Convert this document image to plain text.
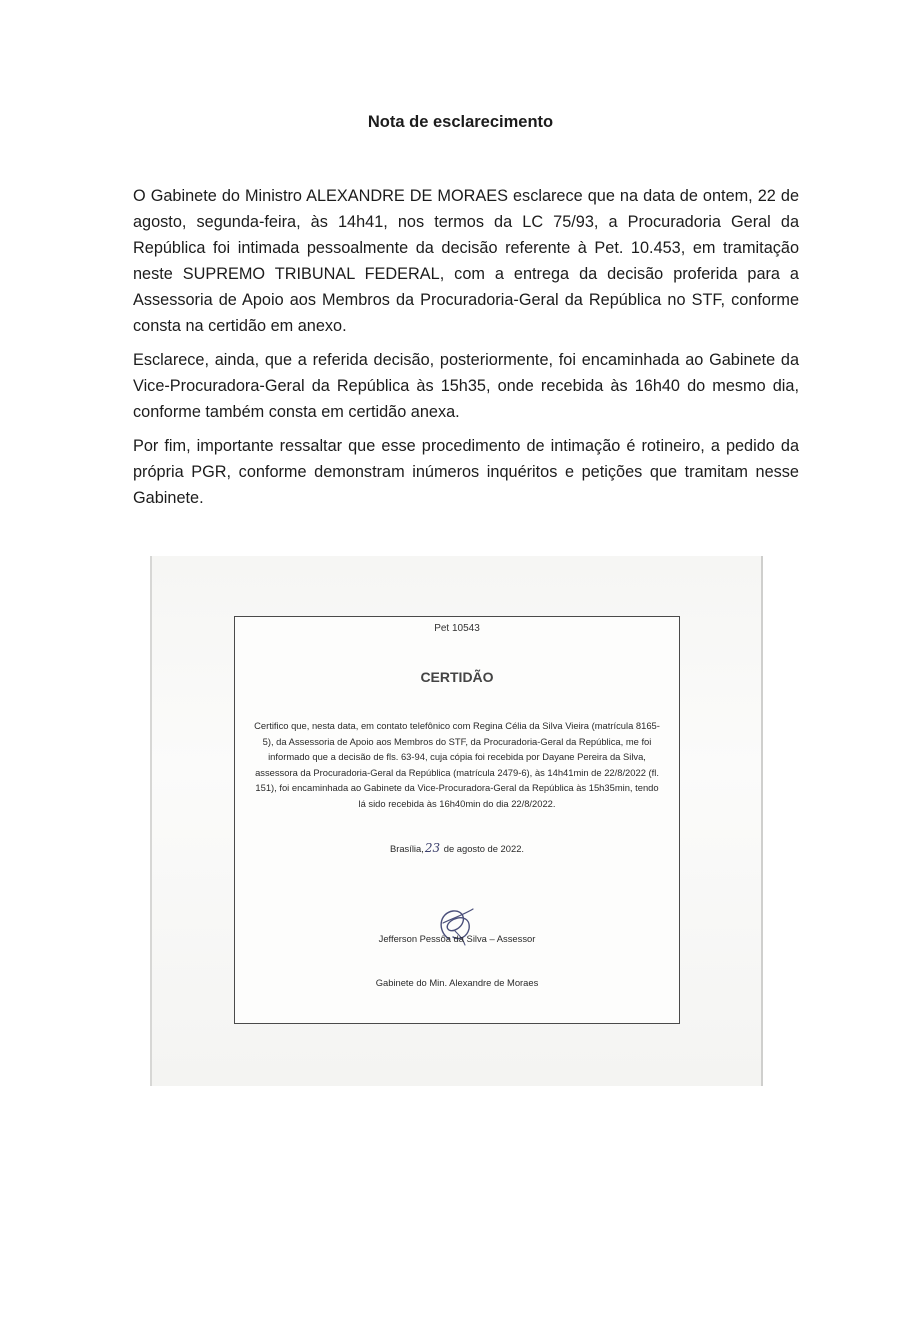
Nota de esclarecimento

O Gabinete do Ministro ALEXANDRE DE MORAES esclarece que na data de ontem, 22 de agosto, segunda-feira, às 14h41, nos termos da LC 75/93, a Procuradoria Geral da República foi intimada pessoalmente da decisão referente à Pet. 10.453, em tramitação neste SUPREMO TRIBUNAL FEDERAL, com a entrega da decisão proferida para a Assessoria de Apoio aos Membros da Procuradoria-Geral da República no STF, conforme consta na certidão em anexo.

Esclarece, ainda, que a referida decisão, posteriormente, foi encaminhada ao Gabinete da Vice-Procuradora-Geral da República às 15h35, onde recebida às 16h40 do mesmo dia, conforme também consta em certidão anexa.

Por fim, importante ressaltar que esse procedimento de intimação é rotineiro, a pedido da própria PGR, conforme demonstram inúmeros inquéritos e petições que tramitam nesse Gabinete.

Pet 10543
CERTIDÃO

Certifico que, nesta data, em contato telefônico com Regina Célia da Silva Vieira (matrícula 8165-5), da Assessoria de Apoio aos Membros do STF, da Procuradoria-Geral da República, me foi informado que a decisão de fls. 63-94, cuja cópia foi recebida por Dayane Pereira da Silva, assessora da Procuradoria-Geral da República (matrícula 2479-6), às 14h41min de 22/8/2022 (fl. 151), foi encaminhada ao Gabinete da Vice-Procuradora-Geral da República às 15h35min, tendo lá sido recebida às 16h40min do dia 22/8/2022.

Brasília,23 de agosto de 2022.
Jefferson Pessôa da Silva – Assessor
Gabinete do Min. Alexandre de Moraes
